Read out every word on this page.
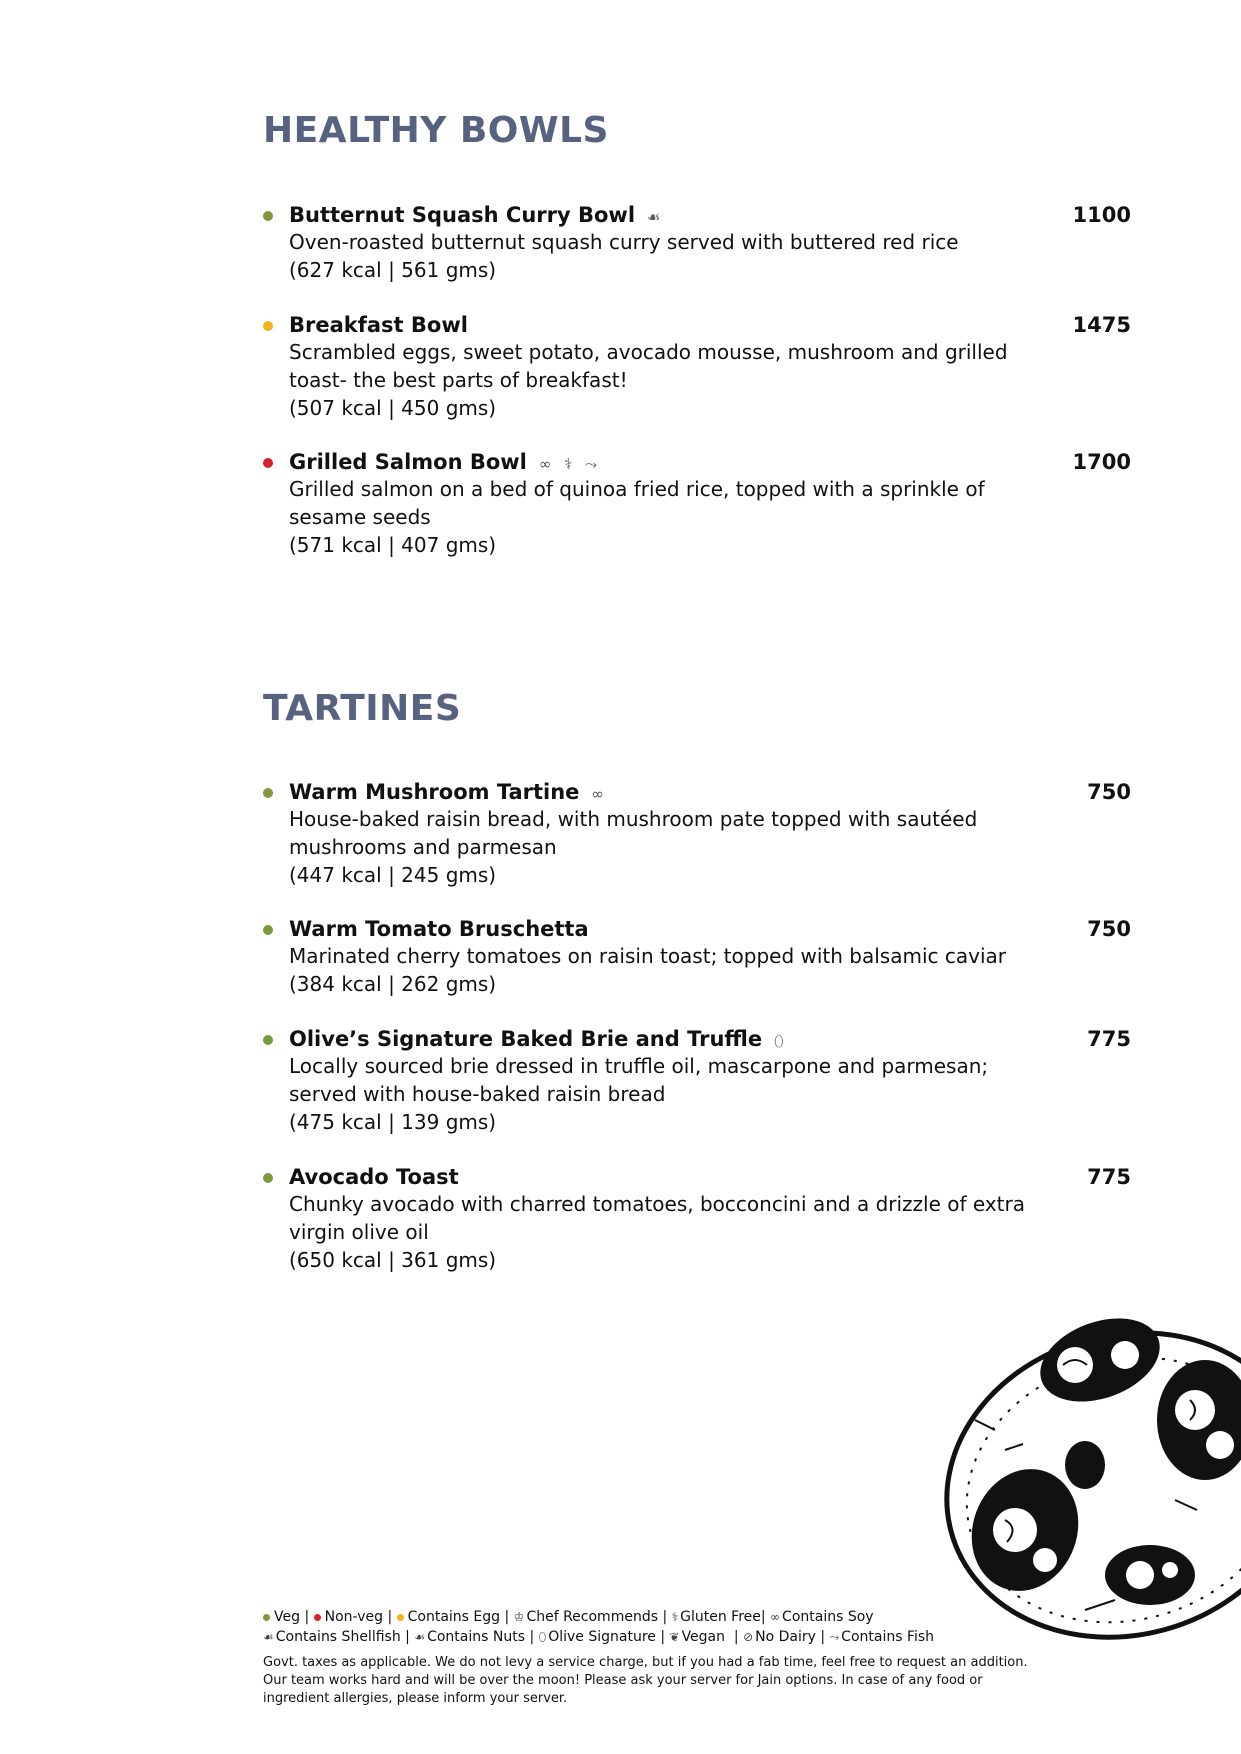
HEALTHY BOWLS
Butternut Squash Curry Bowl ☙	1100
Oven-roasted butternut squash curry served with buttered red rice
(627 kcal | 561 gms)
Breakfast Bowl	1475
Scrambled eggs, sweet potato, avocado mousse, mushroom and grilled toast- the best parts of breakfast!
(507 kcal | 450 gms)
Grilled Salmon Bowl ∞ ⚕ ⤳	1700
Grilled salmon on a bed of quinoa fried rice, topped with a sprinkle of sesame seeds
(571 kcal | 407 gms)
TARTINES
Warm Mushroom Tartine ∞	750
House-baked raisin bread, with mushroom pate topped with sautéed mushrooms and parmesan
(447 kcal | 245 gms)
Warm Tomato Bruschetta	750
Marinated cherry tomatoes on raisin toast; topped with balsamic caviar
(384 kcal | 262 gms)
Olive’s Signature Baked Brie and Truffle ⬯	775
Locally sourced brie dressed in truffle oil, mascarpone and parmesan; served with house-baked raisin bread
(475 kcal | 139 gms)
Avocado Toast	775
Chunky avocado with charred tomatoes, bocconcini and a drizzle of extra virgin olive oil
(650 kcal | 361 gms)
Veg | Non-veg | Contains Egg | ♔ Chef Recommends | ⚕ Gluten Free| ∞ Contains Soy
☙ Contains Shellfish | ☙ Contains Nuts | ⬯ Olive Signature | ❦ Vegan  | ⊘ No Dairy | ⤳ Contains Fish
Govt. taxes as applicable. We do not levy a service charge, but if you had a fab time, feel free to request an addition. Our team works hard and will be over the moon! Please ask your server for Jain options. In case of any food or ingredient allergies, please inform your server.
